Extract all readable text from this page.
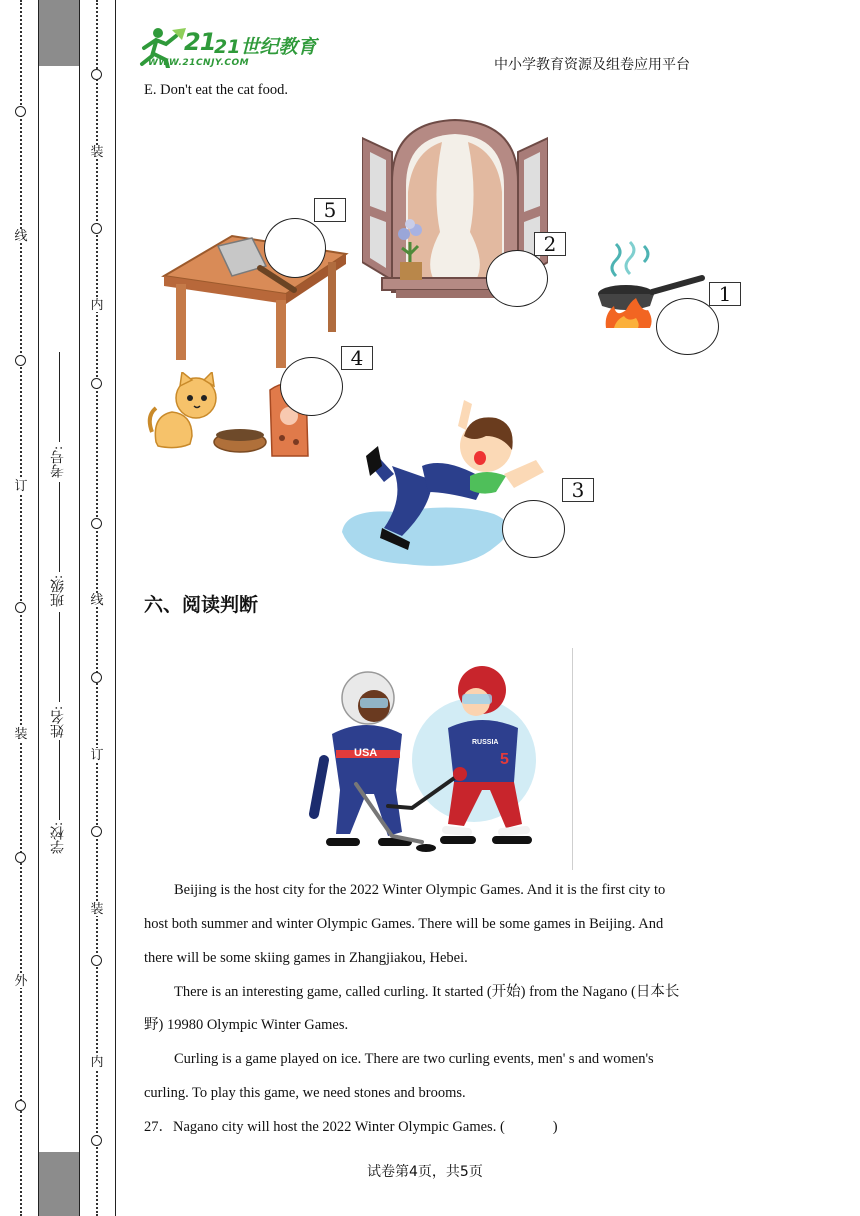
线
订
装
外
学校:
姓名:
班级:
考号:
装
内
线
订
装
内
21
21世纪教育
WWW.21CNJY.COM	中小学教育资源及组卷应用平台
E. Don't eat the cat food.
5
2
1
4
3
六、阅读判断
USA
RUSSIA
5
Beijing is the host city for the 2022 Winter Olympic Games. And it is the first city to
host both summer and winter Olympic Games. There will be some games in Beijing. And
there will be some skiing games in Zhangjiakou, Hebei.
There is an interesting game, called curling. It started (开始) from the Nagano (日本长
野) 19980 Olympic Winter Games.
Curling is a game played on ice. There are two curling events, men' s and women's
curling. To play this game, we need stones and brooms.
27．Nagano city will host the 2022 Winter Olympic Games. (	)
试卷第4页，共5页
